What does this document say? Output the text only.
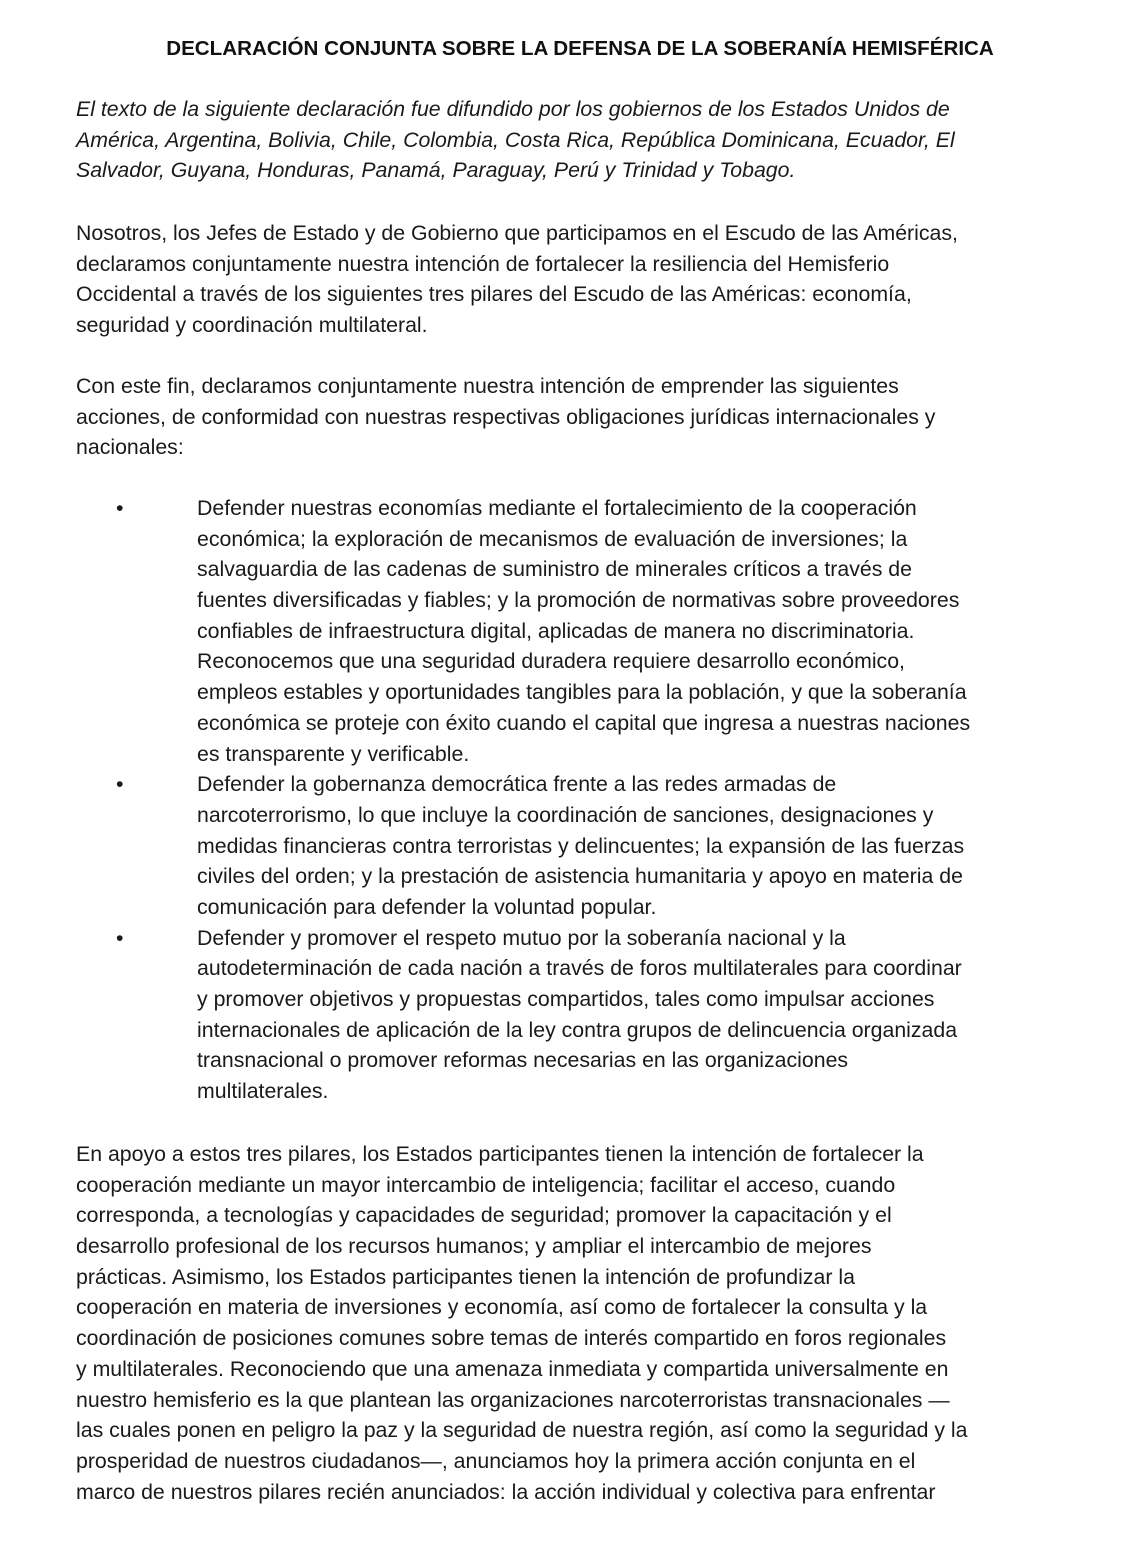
DECLARACIÓN CONJUNTA SOBRE LA DEFENSA DE LA SOBERANÍA HEMISFÉRICA
El texto de la siguiente declaración fue difundido por los gobiernos de los Estados Unidos de
América, Argentina, Bolivia, Chile, Colombia, Costa Rica, República Dominicana, Ecuador, El
Salvador, Guyana, Honduras, Panamá, Paraguay, Perú y Trinidad y Tobago.
Nosotros, los Jefes de Estado y de Gobierno que participamos en el Escudo de las Américas,
declaramos conjuntamente nuestra intención de fortalecer la resiliencia del Hemisferio
Occidental a través de los siguientes tres pilares del Escudo de las Américas: economía,
seguridad y coordinación multilateral.
Con este fin, declaramos conjuntamente nuestra intención de emprender las siguientes
acciones, de conformidad con nuestras respectivas obligaciones jurídicas internacionales y
nacionales:
•	Defender nuestras economías mediante el fortalecimiento de la cooperación
económica; la exploración de mecanismos de evaluación de inversiones; la
salvaguardia de las cadenas de suministro de minerales críticos a través de
fuentes diversificadas y fiables; y la promoción de normativas sobre proveedores
confiables de infraestructura digital, aplicadas de manera no discriminatoria.
Reconocemos que una seguridad duradera requiere desarrollo económico,
empleos estables y oportunidades tangibles para la población, y que la soberanía
económica se proteje con éxito cuando el capital que ingresa a nuestras naciones
es transparente y verificable.
•	Defender la gobernanza democrática frente a las redes armadas de
narcoterrorismo, lo que incluye la coordinación de sanciones, designaciones y
medidas financieras contra terroristas y delincuentes; la expansión de las fuerzas
civiles del orden; y la prestación de asistencia humanitaria y apoyo en materia de
comunicación para defender la voluntad popular.
•	Defender y promover el respeto mutuo por la soberanía nacional y la
autodeterminación de cada nación a través de foros multilaterales para coordinar
y promover objetivos y propuestas compartidos, tales como impulsar acciones
internacionales de aplicación de la ley contra grupos de delincuencia organizada
transnacional o promover reformas necesarias en las organizaciones
multilaterales.
En apoyo a estos tres pilares, los Estados participantes tienen la intención de fortalecer la
cooperación mediante un mayor intercambio de inteligencia; facilitar el acceso, cuando
corresponda, a tecnologías y capacidades de seguridad; promover la capacitación y el
desarrollo profesional de los recursos humanos; y ampliar el intercambio de mejores
prácticas. Asimismo, los Estados participantes tienen la intención de profundizar la
cooperación en materia de inversiones y economía, así como de fortalecer la consulta y la
coordinación de posiciones comunes sobre temas de interés compartido en foros regionales
y multilaterales. Reconociendo que una amenaza inmediata y compartida universalmente en
nuestro hemisferio es la que plantean las organizaciones narcoterroristas transnacionales —
las cuales ponen en peligro la paz y la seguridad de nuestra región, así como la seguridad y la
prosperidad de nuestros ciudadanos—, anunciamos hoy la primera acción conjunta en el
marco de nuestros pilares recién anunciados: la acción individual y colectiva para enfrentar
